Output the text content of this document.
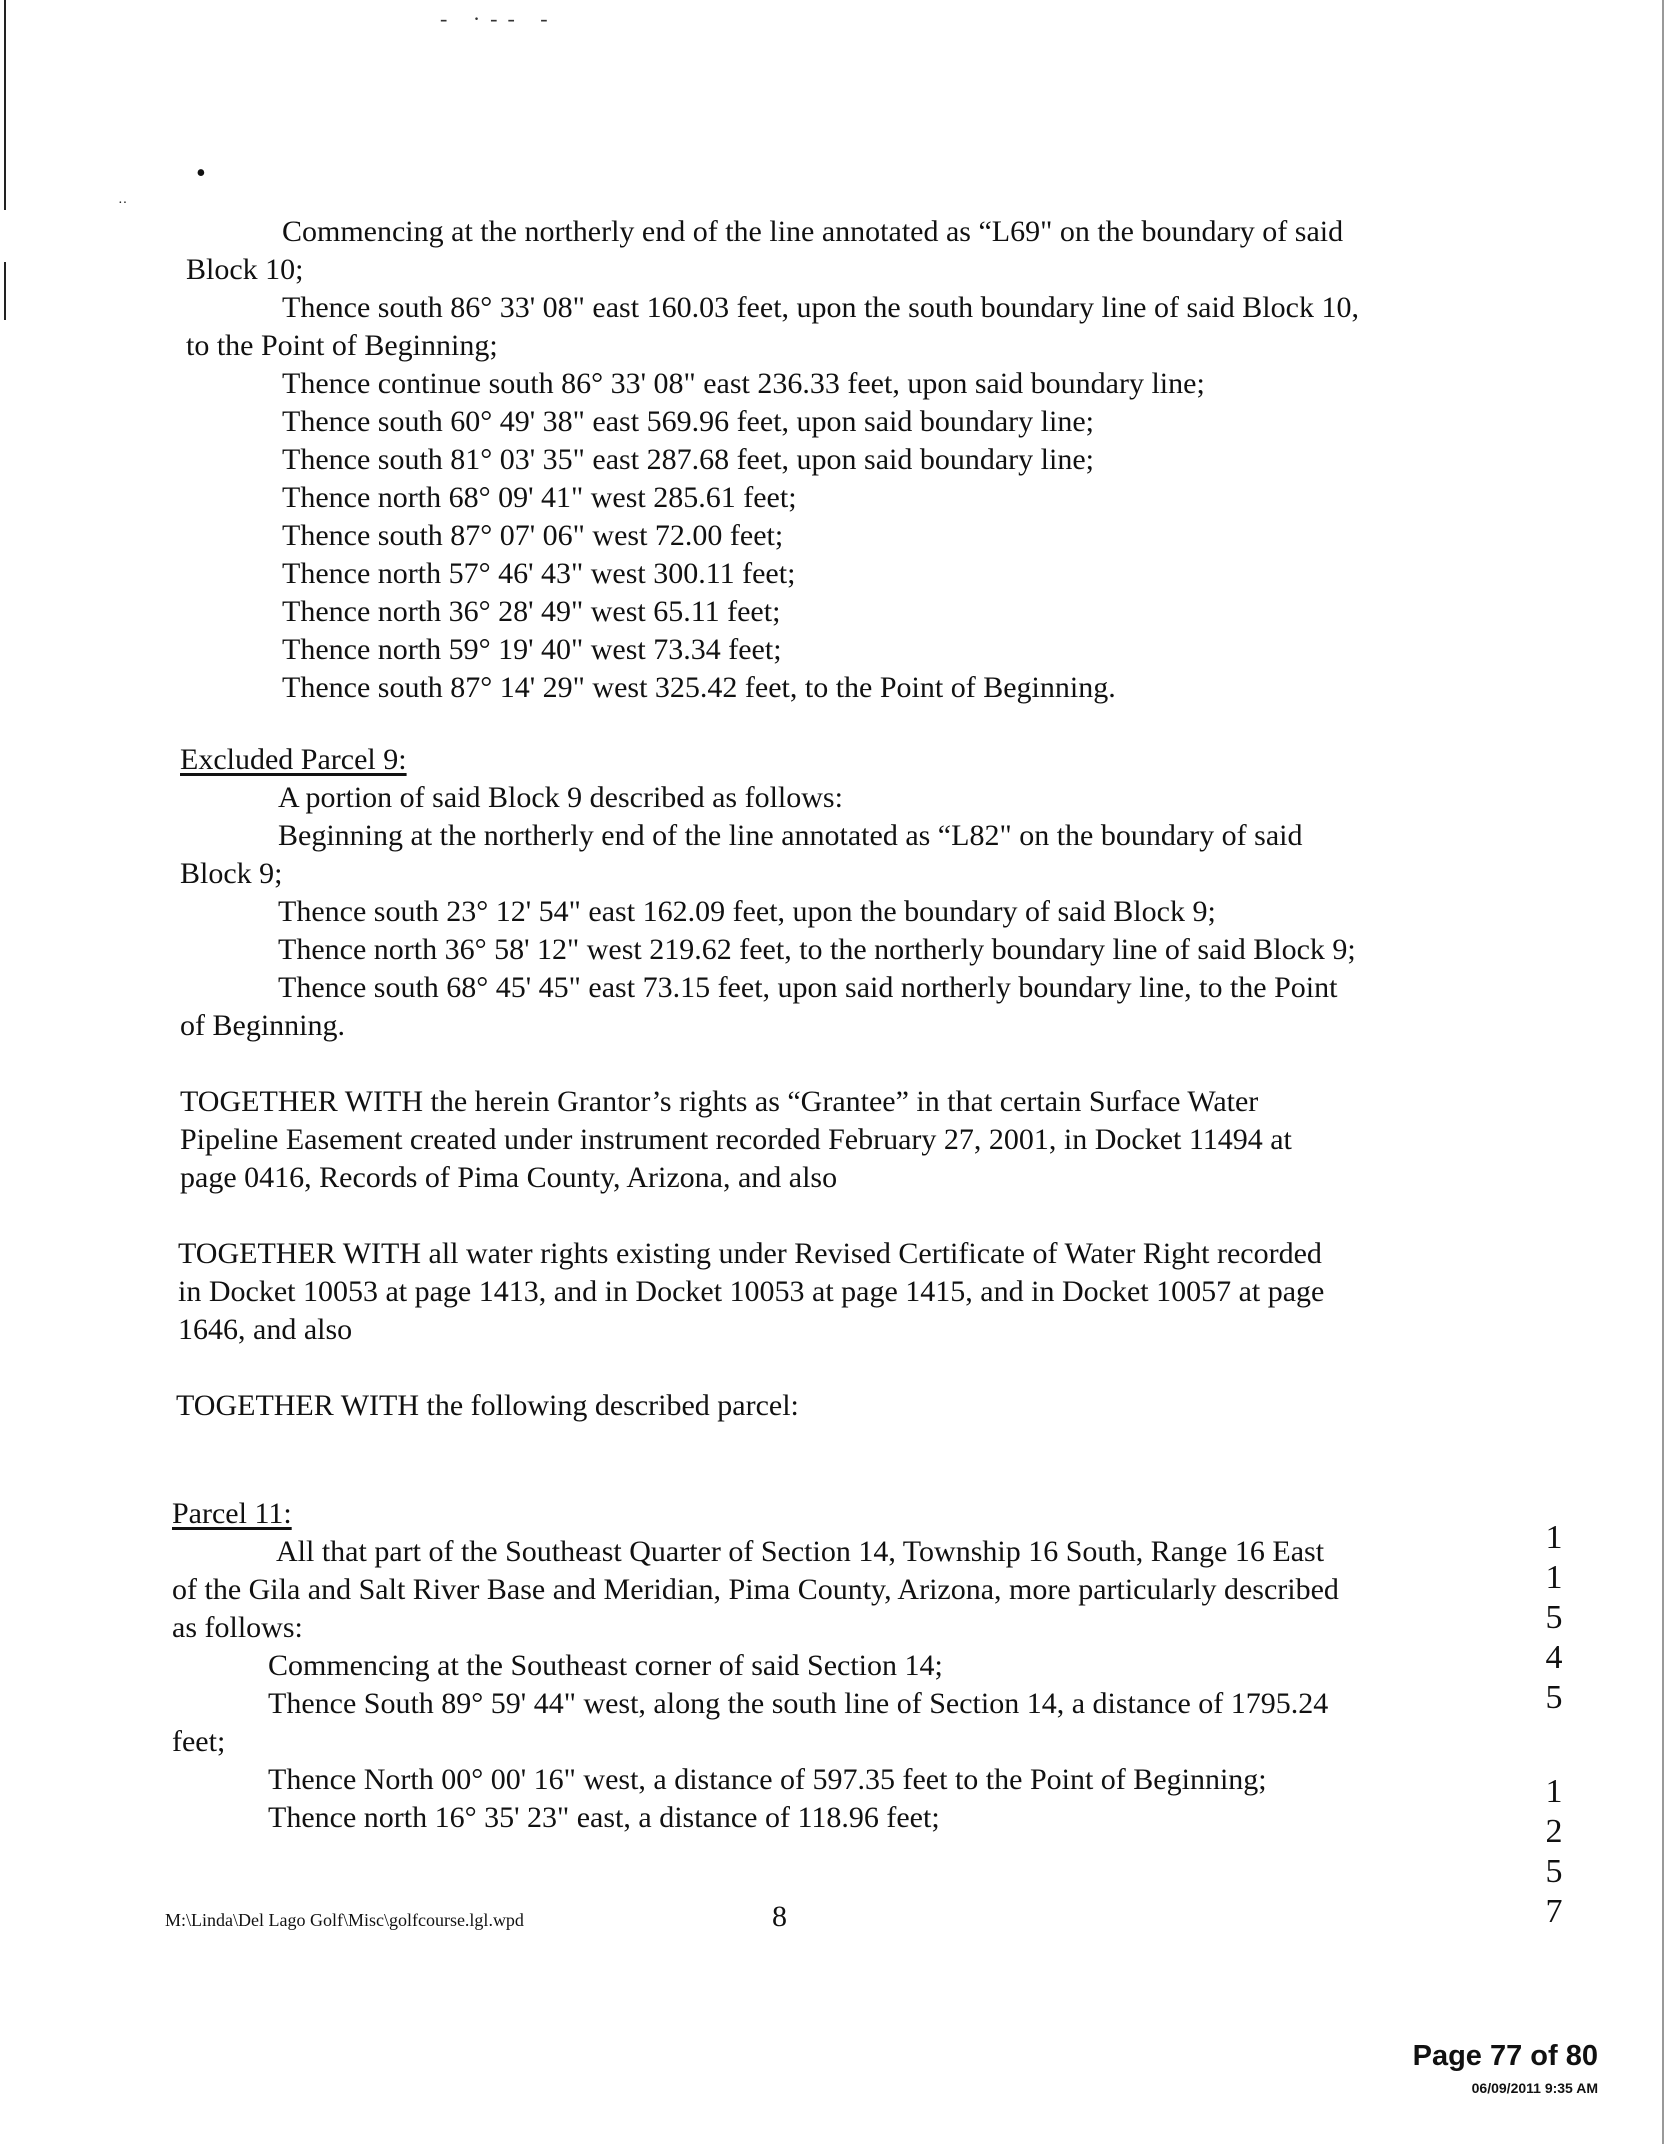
- ·-- -
•
··
Commencing at the northerly end of the line annotated as “L69" on the boundary of said
Block 10;
Thence south 86° 33' 08" east 160.03 feet, upon the south boundary line of said Block 10,
to the Point of Beginning;
Thence continue south 86° 33' 08" east 236.33 feet, upon said boundary line;
Thence south 60° 49' 38" east 569.96 feet, upon said boundary line;
Thence south 81° 03' 35" east 287.68 feet, upon said boundary line;
Thence north 68° 09' 41" west 285.61 feet;
Thence south 87° 07' 06" west 72.00 feet;
Thence north 57° 46' 43" west 300.11 feet;
Thence north 36° 28' 49" west 65.11 feet;
Thence north 59° 19' 40" west 73.34 feet;
Thence south 87° 14' 29" west 325.42 feet, to the Point of Beginning.
Excluded Parcel 9:
A portion of said Block 9 described as follows:
Beginning at the northerly end of the line annotated as “L82" on the boundary of said
Block 9;
Thence south 23° 12' 54" east 162.09 feet, upon the boundary of said Block 9;
Thence north 36° 58' 12" west 219.62 feet, to the northerly boundary line of said Block 9;
Thence south 68° 45' 45" east 73.15 feet, upon said northerly boundary line, to the Point
of Beginning.
TOGETHER WITH the herein Grantor’s rights as “Grantee” in that certain Surface Water
Pipeline Easement created under instrument recorded February 27, 2001, in Docket 11494 at
page 0416, Records of Pima County, Arizona, and also
TOGETHER WITH all water rights existing under Revised Certificate of Water Right recorded
in Docket 10053 at page 1413, and in Docket 10053 at page 1415, and in Docket 10057 at page
1646, and also
TOGETHER WITH the following described parcel:
Parcel 11:
All that part of the Southeast Quarter of Section 14, Township 16 South, Range 16 East
of the Gila and Salt River Base and Meridian, Pima County, Arizona, more particularly described
as follows:
Commencing at the Southeast corner of said Section 14;
Thence South 89° 59' 44" west, along the south line of Section 14, a distance of 1795.24
feet;
Thence North 00° 00' 16" west, a distance of 597.35 feet to the Point of Beginning;
Thence north 16° 35' 23" east, a distance of 118.96 feet;
1
1
5
4
5
1
2
5
7
M:\Linda\Del Lago Golf\Misc\golfcourse.lgl.wpd	8
Page 77 of 80
06/09/2011 9:35 AM
